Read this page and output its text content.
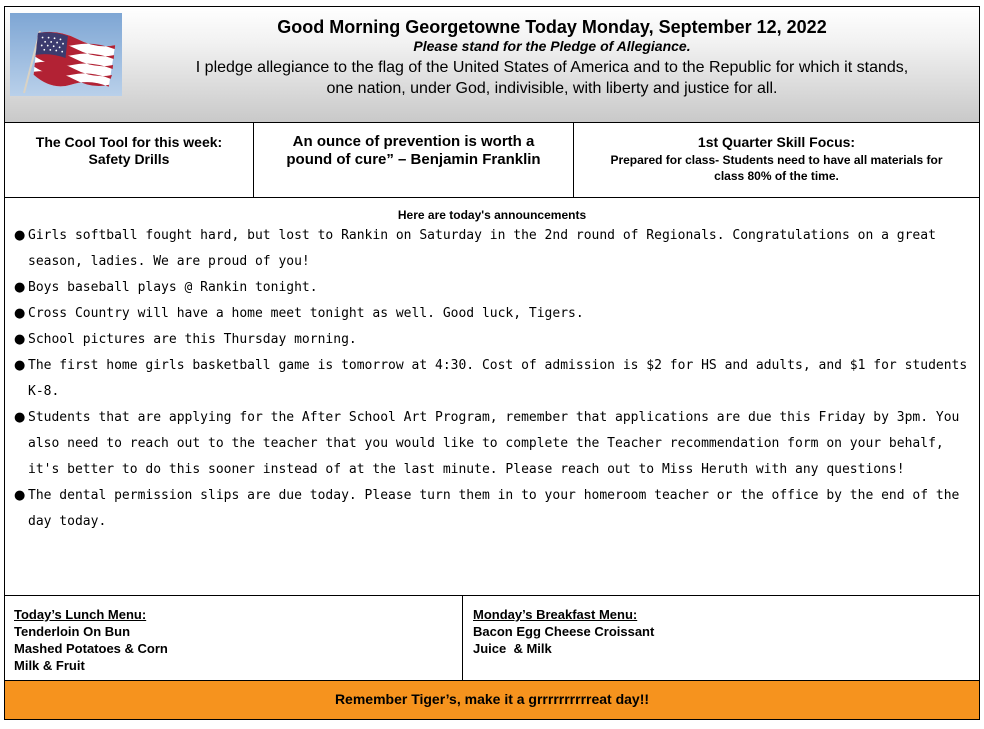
Good Morning Georgetowne Today Monday, September 12, 2022
Please stand for the Pledge of Allegiance.
I pledge allegiance to the flag of the United States of America and to the Republic for which it stands,
one nation, under God, indivisible, with liberty and justice for all.
The Cool Tool for this week:
Safety Drills
An ounce of prevention is worth a
pound of cure” – Benjamin Franklin
1st Quarter Skill Focus:
Prepared for class- Students need to have all materials for class 80% of the time.
Here are today's announcements
● Girls softball fought hard, but lost to Rankin on Saturday in the 2nd round of Regionals. Congratulations on a great season, ladies. We are proud of you!
● Boys baseball plays @ Rankin tonight.
● Cross Country will have a home meet tonight as well. Good luck, Tigers.
● School pictures are this Thursday morning.
● The first home girls basketball game is tomorrow at 4:30. Cost of admission is $2 for HS and adults, and $1 for students K-8.
● Students that are applying for the After School Art Program, remember that applications are due this Friday by 3pm. You also need to reach out to the teacher that you would like to complete the Teacher recommendation form on your behalf, it's better to do this sooner instead of at the last minute. Please reach out to Miss Heruth with any questions!
● The dental permission slips are due today. Please turn them in to your homeroom teacher or the office by the end of the day today.
Today’s Lunch Menu:
Tenderloin On Bun
Mashed Potatoes & Corn
Milk & Fruit
Monday’s Breakfast Menu:
Bacon Egg Cheese Croissant
Juice  & Milk
Remember Tiger’s, make it a grrrrrrrrrreat day!!
